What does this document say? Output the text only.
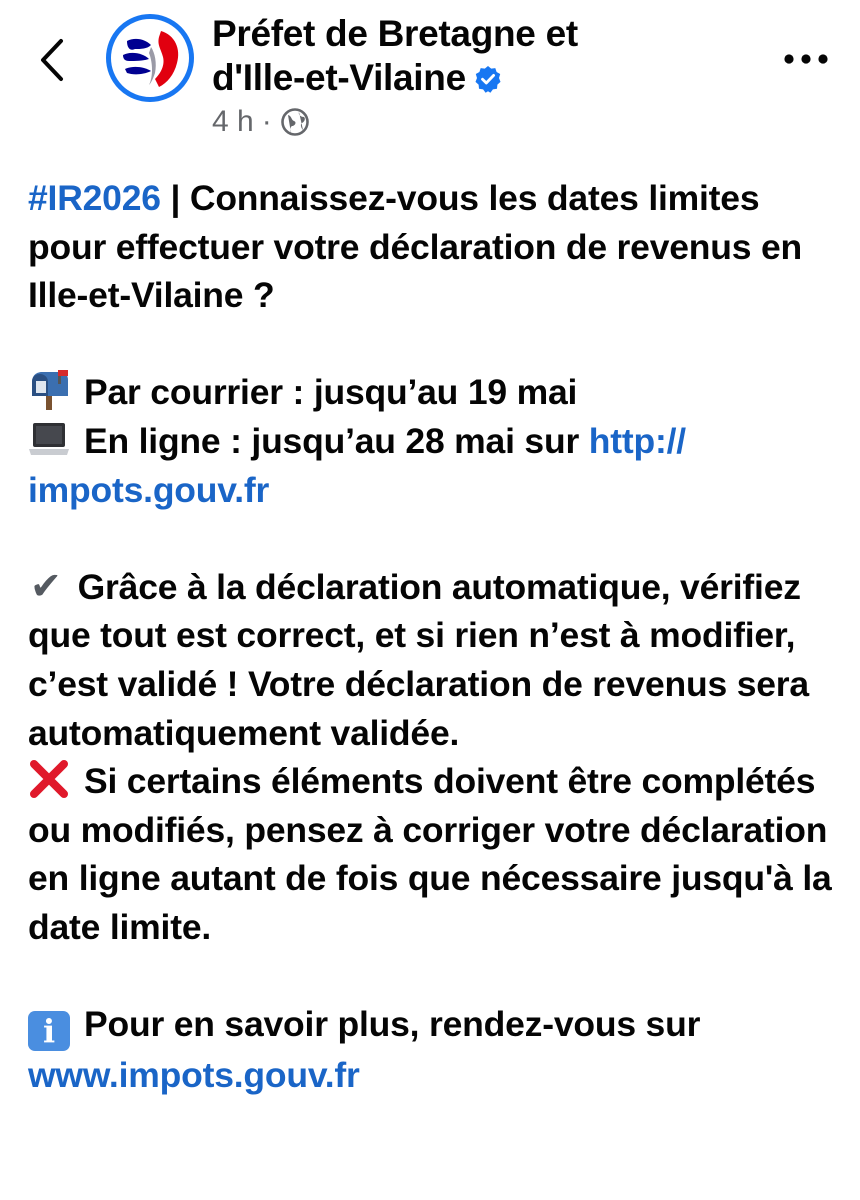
Préfet de Bretagne et
d'Ille-et-Vilaine
4 h ·

#IR2026 | Connaissez-vous les dates limites pour effectuer votre déclaration de revenus en Ille-et-Vilaine ?

Par courrier : jusqu’au 19 mai

En ligne : jusqu’au 28 mai sur http:// impots.gouv.fr

✔ Grâce à la déclaration automatique, vérifiez que tout est correct, et si rien n’est à modifier, c’est validé ! Votre déclaration de revenus sera automatiquement validée.

Si certains éléments doivent être complétés ou modifiés, pensez à corriger votre déclaration en ligne autant de fois que nécessaire jusqu'à la date limite.

i Pour en savoir plus, rendez-vous sur www.impots.gouv.fr
